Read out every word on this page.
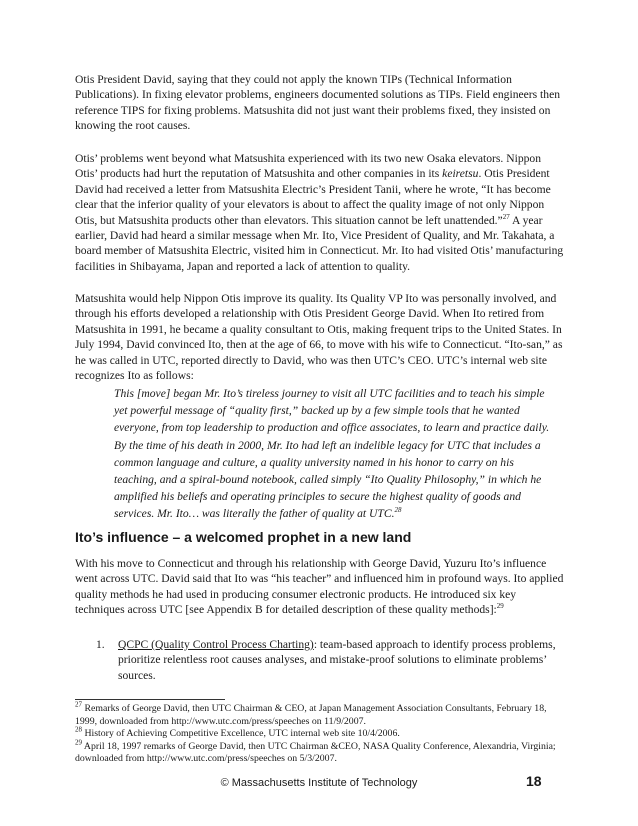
Otis President David, saying that they could not apply the known TIPs (Technical Information Publications). In fixing elevator problems, engineers documented solutions as TIPs. Field engineers then reference TIPS for fixing problems. Matsushita did not just want their problems fixed, they insisted on knowing the root causes.

Otis’ problems went beyond what Matsushita experienced with its two new Osaka elevators. Nippon Otis’ products had hurt the reputation of Matsushita and other companies in its keiretsu. Otis President David had received a letter from Matsushita Electric’s President Tanii, where he wrote, “It has become clear that the inferior quality of your elevators is about to affect the quality image of not only Nippon Otis, but Matsushita products other than elevators. This situation cannot be left unattended.”$^{27}$ A year earlier, David had heard a similar message when Mr. Ito, Vice President of Quality, and Mr. Takahata, a board member of Matsushita Electric, visited him in Connecticut. Mr. Ito had visited Otis’ manufacturing facilities in Shibayama, Japan and reported a lack of attention to quality.

Matsushita would help Nippon Otis improve its quality. Its Quality VP Ito was personally involved, and through his efforts developed a relationship with Otis President George David. When Ito retired from Matsushita in 1991, he became a quality consultant to Otis, making frequent trips to the United States. In July 1994, David convinced Ito, then at the age of 66, to move with his wife to Connecticut. “Ito-san,” as he was called in UTC, reported directly to David, who was then UTC’s CEO. UTC’s internal web site recognizes Ito as follows:

This [move] began Mr. Ito’s tireless journey to visit all UTC facilities and to teach his simple yet powerful message of “quality first,” backed up by a few simple tools that he wanted everyone, from top leadership to production and office associates, to learn and practice daily. By the time of his death in 2000, Mr. Ito had left an indelible legacy for UTC that includes a common language and culture, a quality university named in his honor to carry on his teaching, and a spiral-bound notebook, called simply “Ito Quality Philosophy,” in which he amplified his beliefs and operating principles to secure the highest quality of goods and services. Mr. Ito… was literally the father of quality at UTC.$^{28}$

Ito’s influence – a welcomed prophet in a new land

With his move to Connecticut and through his relationship with George David, Yuzuru Ito’s influence went across UTC. David said that Ito was “his teacher” and influenced him in profound ways. Ito applied quality methods he had used in producing consumer electronic products. He introduced six key techniques across UTC [see Appendix B for detailed description of these quality methods]:$^{29}$

1. QCPC (Quality Control Process Charting): team-based approach to identify process problems, prioritize relentless root causes analyses, and mistake-proof solutions to eliminate problems’ sources.

$^{27}$ Remarks of George David, then UTC Chairman & CEO, at Japan Management Association Consultants, February 18, 1999, downloaded from http://www.utc.com/press/speeches on 11/9/2007.

$^{28}$ History of Achieving Competitive Excellence, UTC internal web site 10/4/2006.

$^{29}$ April 18, 1997 remarks of George David, then UTC Chairman &CEO, NASA Quality Conference, Alexandria, Virginia; downloaded from http://www.utc.com/press/speeches on 5/3/2007.

© Massachusetts Institute of Technology	18
